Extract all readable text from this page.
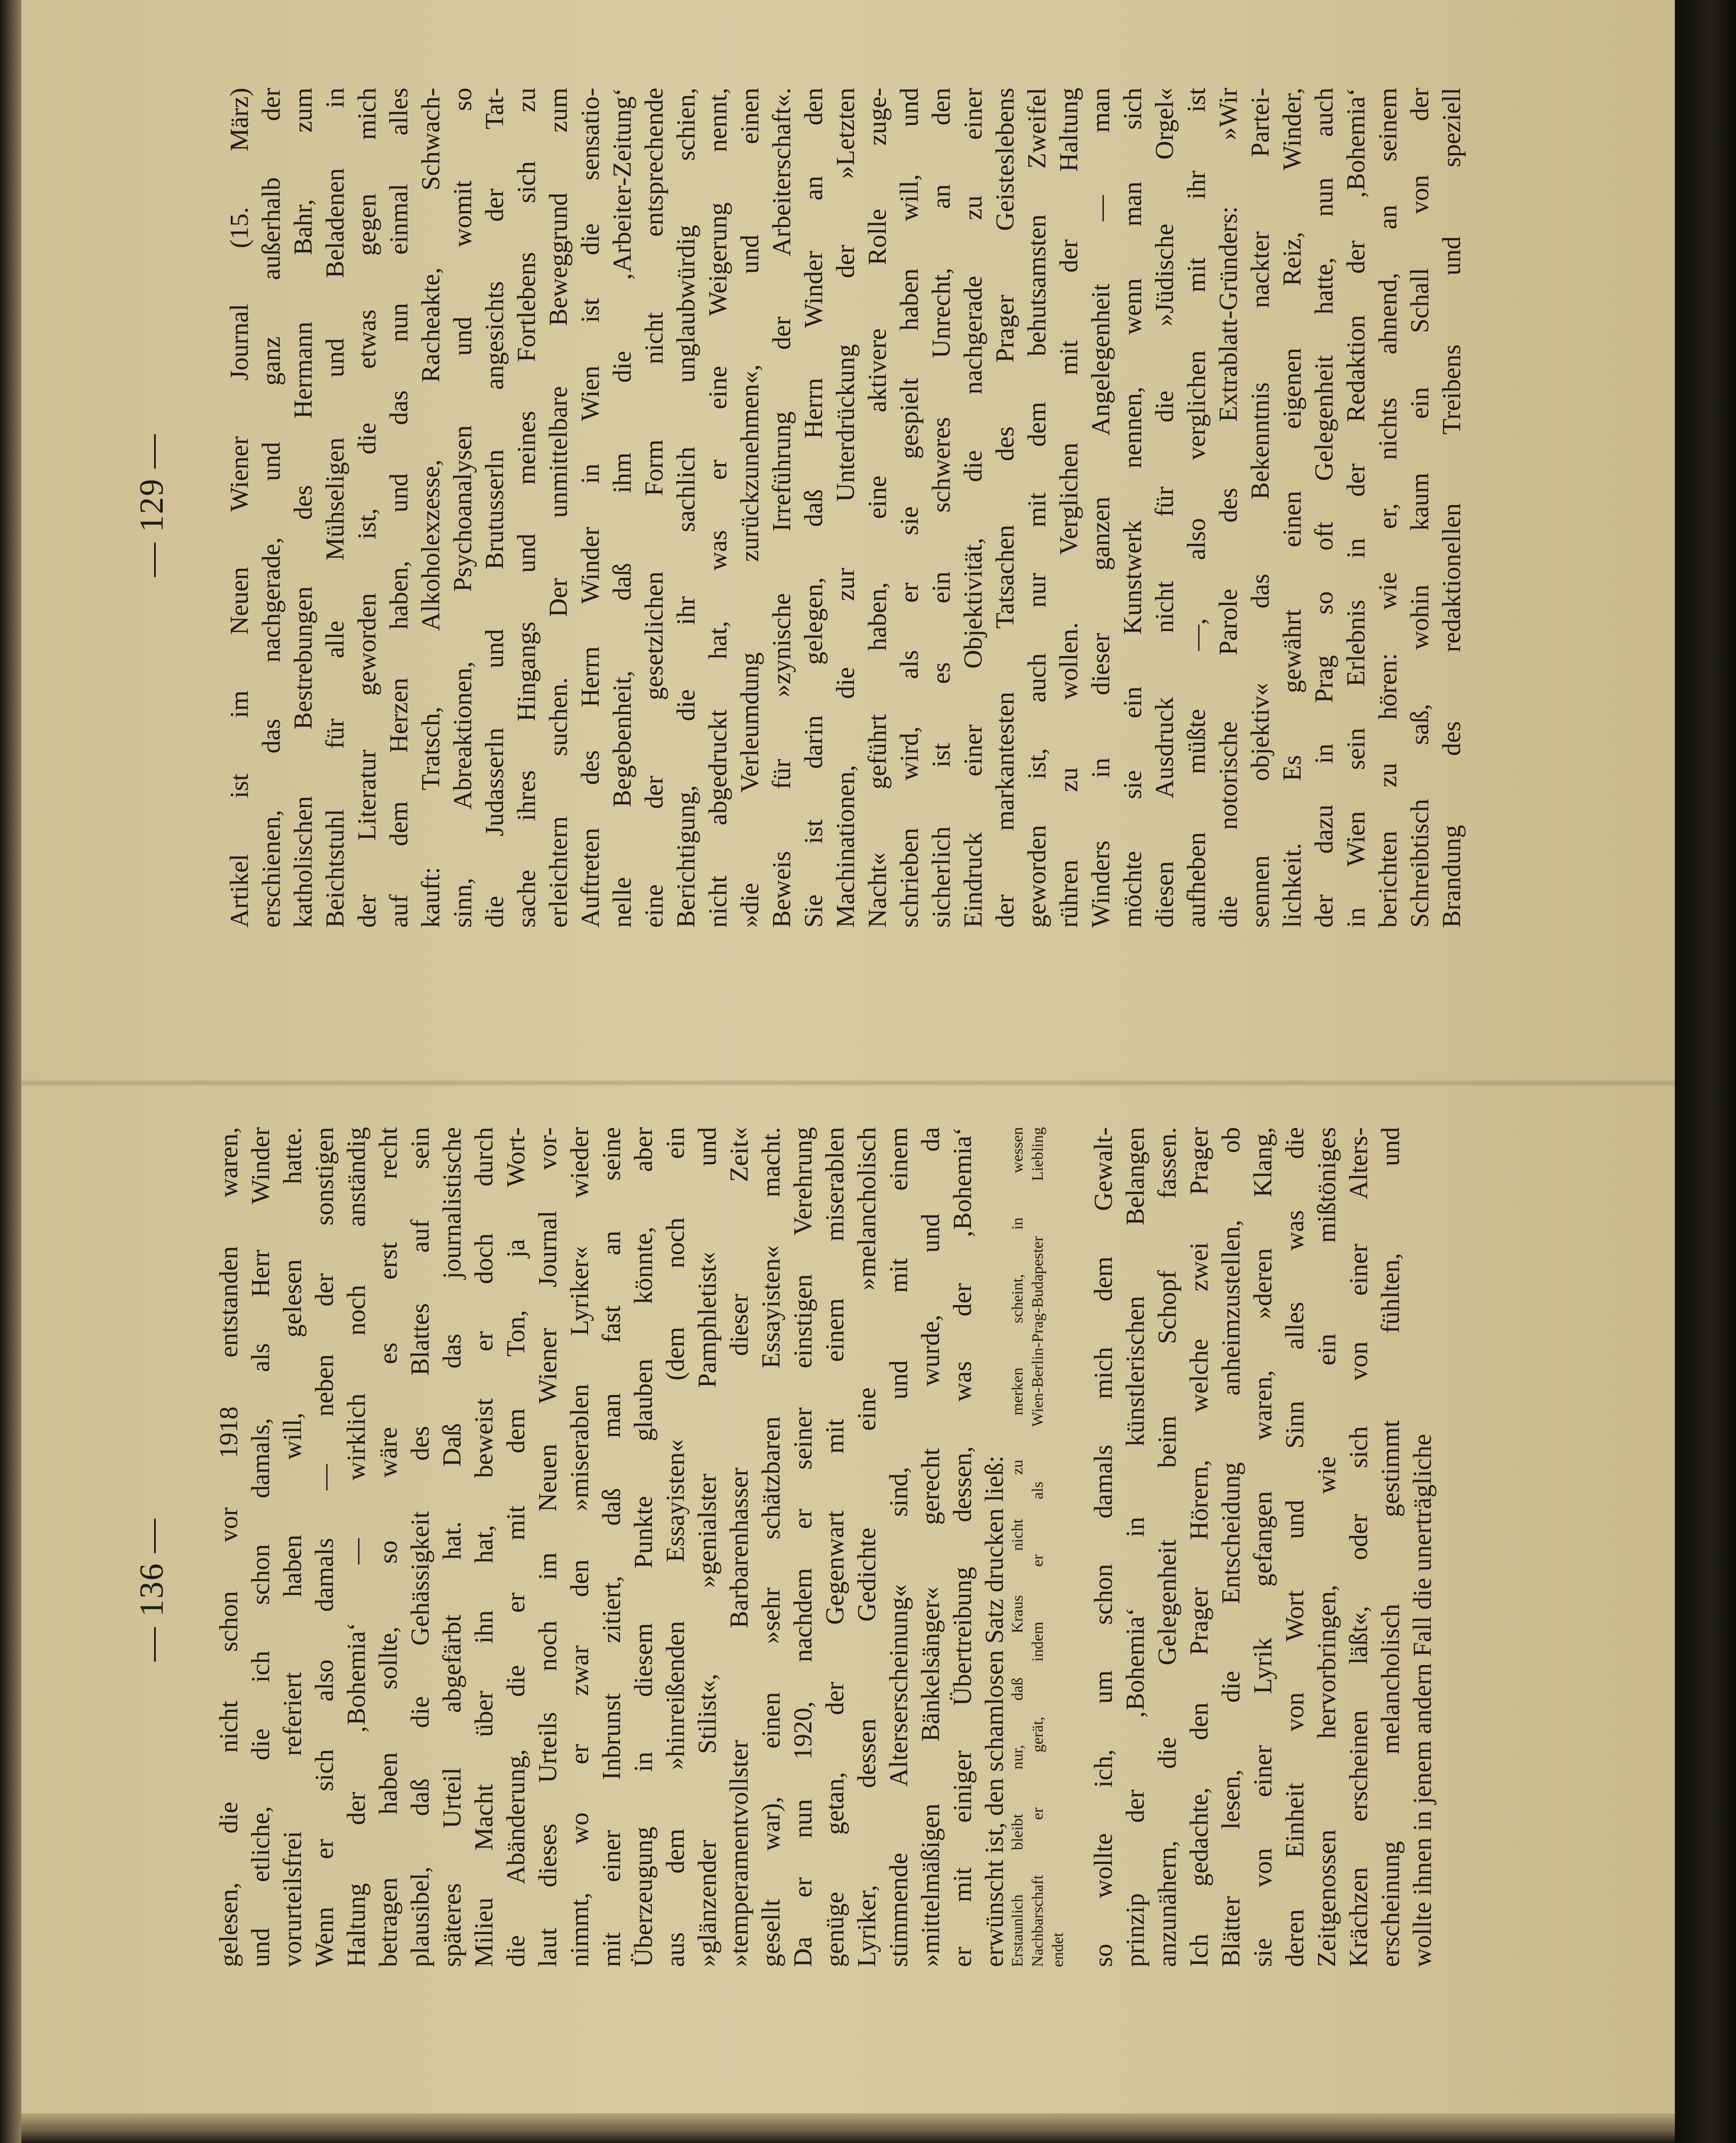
— 136 — gelesen, die nicht schon vor 1918 entstanden waren, und etliche, die ich schon damals, als Herr Winder vorurteilsfrei referiert haben will, gelesen hatte. Wenn er sich also damals — neben der sonstigen Haltung der ‚Bohemia‘ — wirklich noch anständig betragen haben sollte, so wäre es erst recht plausibel, daß die Gehässigkeit des Blattes auf sein späteres Urteil abgefärbt hat. Daß das journalistische Milieu Macht über ihn hat, beweist er doch durch die Abänderung, die er mit dem Ton, ja Wort- laut dieses Urteils noch im Neuen Wiener Journal vor- nimmt, wo er zwar den »miserablen Lyriker« wieder mit einer Inbrunst zitiert, daß man fast an seine Überzeugung in diesem Punkte glauben könnte, aber aus dem »hinreißenden Essayisten« (dem noch ein »glänzender Stilist«, »genialster Pamphletist« und »temperamentvollster Barbarenhasser dieser Zeit« gesellt war), einen »sehr schätzbaren Essayisten« macht. Da er nun 1920, nachdem er seiner einstigen Verehrung genüge getan, der Gegenwart mit einem miserablen Lyriker, dessen Gedichte eine »melancholisch stimmende Alterserscheinung« sind, und mit einem »mittelmäßigen Bänkelsänger« gerecht wurde, und da er mit einiger Übertreibung dessen, was der ‚Bohemia‘ erwünscht ist, den schamlosen Satz drucken ließ: Erstaunlich bleibt nur, daß Kraus nicht zu merken scheint, in wessen Nachbarschaft er gerät, indem er als Wien-Berlin-Prag-Budapester Liebling endet so wollte ich, um schon damals mich dem Gewalt- prinzip der ‚Bohemia‘ in künstlerischen Belangen anzunähern, die Gelegenheit beim Schopf fassen. Ich gedachte, den Prager Hörern, welche zwei Prager Blätter lesen, die Entscheidung anheimzustellen, ob sie von einer Lyrik gefangen waren, »deren Klang, deren Einheit von Wort und Sinn alles was die Zeitgenossen hervorbringen, wie ein mißtöniges Krächzen erscheinen läßt«, oder sich von einer Alters- erscheinung melancholisch gestimmt fühlten, und wollte ihnen in jenem andern Fall die unerträgliche
— 129 — Artikel ist im Neuen Wiener Journal (15. März) erschienen, das nachgerade, und ganz außerhalb der katholischen Bestrebungen des Hermann Bahr, zum Beichtstuhl für alle Mühseligen und Beladenen in der Literatur geworden ist, die etwas gegen mich auf dem Herzen haben, und das nun einmal alles kauft: Tratsch, Alkoholexzesse, Racheakte, Schwach- sinn, Abreaktionen, Psychoanalysen und womit so die Judasserln und Brutusserln angesichts der Tat- sache ihres Hingangs und meines Fortlebens sich zu erleichtern suchen. Der unmittelbare Beweggrund zum Auftreten des Herrn Winder in Wien ist die sensatio- nelle Begebenheit, daß ihm die ‚Arbeiter-Zeitung‘ eine der gesetzlichen Form nicht entsprechende Berichtigung, die ihr sachlich unglaubwürdig schien, nicht abgedruckt hat, was er eine Weigerung nennt, »die Verleumdung zurückzunehmen«, und einen Beweis für »zynische Irreführung der Arbeiterschaft«. Sie ist darin gelegen, daß Herrn Winder an den Machinationen, die zur Unterdrückung der »Letzten Nacht« geführt haben, eine aktivere Rolle zuge- schrieben wird, als er sie gespielt haben will, und sicherlich ist es ein schweres Unrecht, an den Eindruck einer Objektivität, die nachgerade zu einer der markantesten Tatsachen des Prager Geisteslebens geworden ist, auch nur mit dem behutsamsten Zweifel rühren zu wollen. Verglichen mit der Haltung Winders in dieser ganzen Angelegenheit — man möchte sie ein Kunstwerk nennen, wenn man sich diesen Ausdruck nicht für die »Jüdische Orgel« aufheben müßte —, also verglichen mit ihr ist die notorische Parole des Extrablatt-Gründers: »Wir sennen objektiv« das Bekenntnis nackter Partei- lichkeit. Es gewährt einen eigenen Reiz, Winder, der dazu in Prag so oft Gelegenheit hatte, nun auch in Wien sein Erlebnis in der Redaktion der ‚Bohemia‘ berichten zu hören: wie er, nichts ahnend, an seinem Schreibtisch saß, wohin kaum ein Schall von der Brandung des redaktionellen Treibens und speziell
